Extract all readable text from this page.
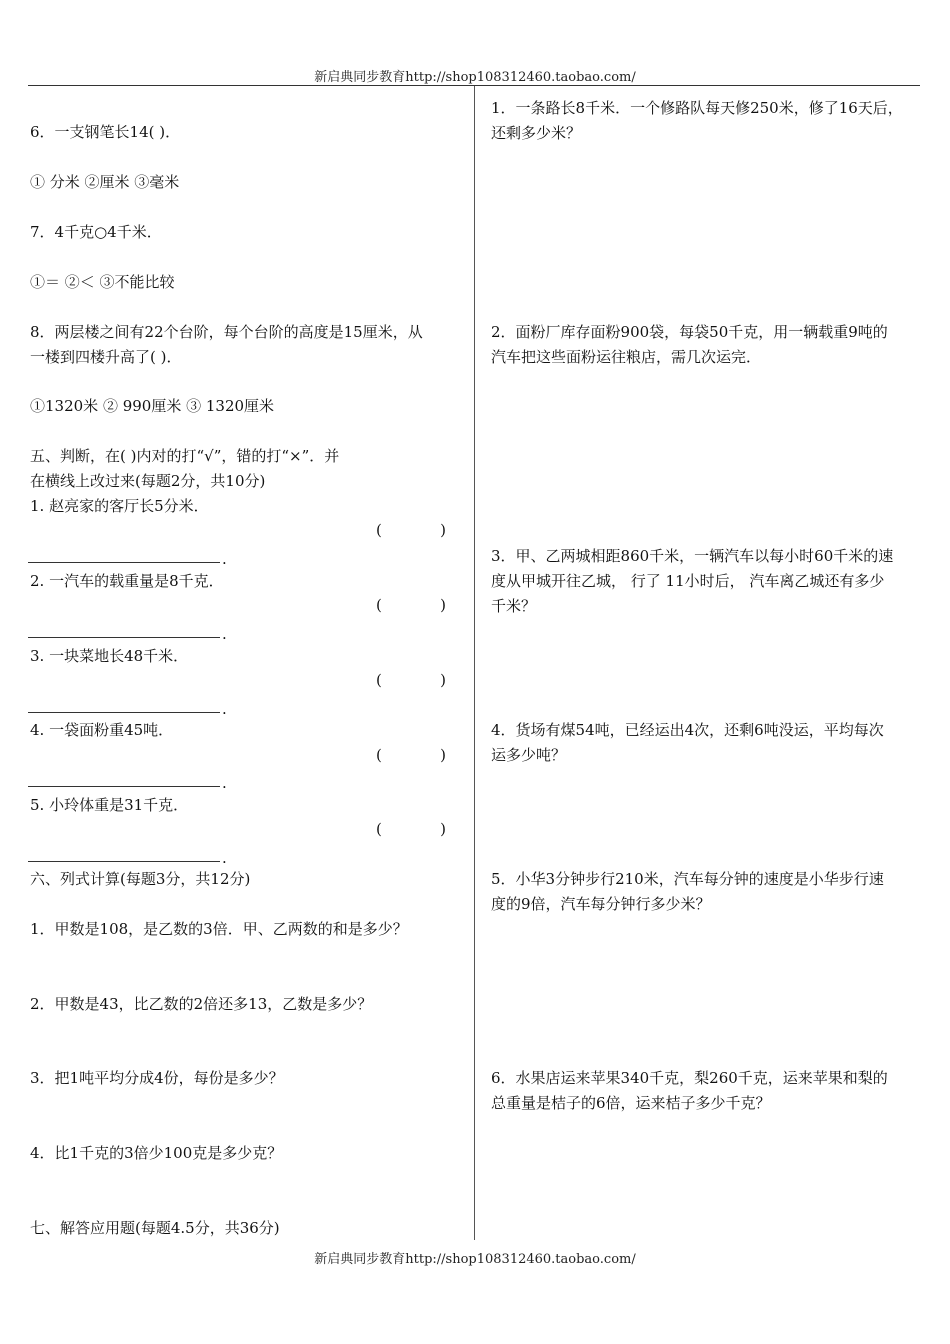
新启典同步教育http://shop108312460.taobao.com/
6．一支钢笔长14( )．
① 分米 ②厘米 ③毫米
7．4千克○4千米．
①＝ ②＜ ③不能比较
8．两层楼之间有22个台阶，每个台阶的高度是15厘米，从
一楼到四楼升高了( )．
①1320米 ② 990厘米 ③ 1320厘米
五、判断，在( )内对的打“√”，错的打“×”．并
在横线上改过来(每题2分，共10分)
1. 赵亮家的客厅长5分米．
(	)
.
2. 一汽车的载重量是8千克．
(	)
.
3. 一块菜地长48千米．
(	)
.
4. 一袋面粉重45吨．
(	)
.
5. 小玲体重是31千克．
(	)
.
六、列式计算(每题3分，共12分)
1．甲数是108，是乙数的3倍．甲、乙两数的和是多少？
2．甲数是43，比乙数的2倍还多13，乙数是多少？
3．把1吨平均分成4份，每份是多少？
4．比1千克的3倍少100克是多少克？
七、解答应用题(每题4.5分，共36分)
1．一条路长8千米．一个修路队每天修250米，修了16天后，
还剩多少米？
2．面粉厂库存面粉900袋，每袋50千克，用一辆载重9吨的
汽车把这些面粉运往粮店，需几次运完．
3．甲、乙两城相距860千米，一辆汽车以每小时60千米的速
度从甲城开往乙城， 行了 11小时后， 汽车离乙城还有多少
千米？
4．货场有煤54吨，已经运出4次，还剩6吨没运，平均每次
运多少吨？
5．小华3分钟步行210米，汽车每分钟的速度是小华步行速
度的9倍，汽车每分钟行多少米？
6．水果店运来苹果340千克，梨260千克，运来苹果和梨的
总重量是桔子的6倍，运来桔子多少千克？
新启典同步教育http://shop108312460.taobao.com/
